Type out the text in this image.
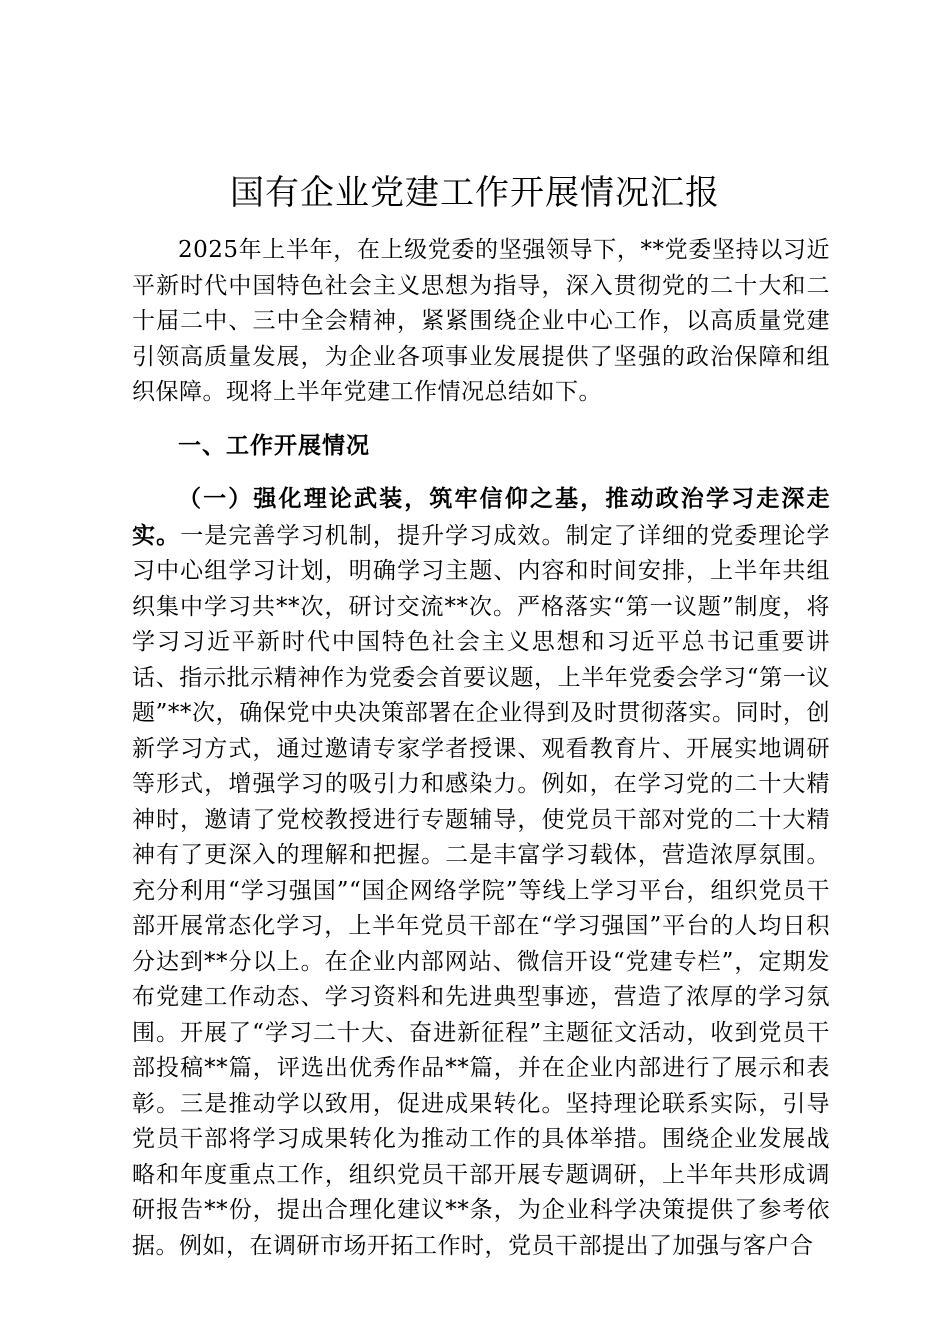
国有企业党建工作开展情况汇报

2025年上半年，在上级党委的坚强领导下，**党委坚持以习近平新时代中国特色社会主义思想为指导，深入贯彻党的二十大和二十届二中、三中全会精神，紧紧围绕企业中心工作，以高质量党建引领高质量发展，为企业各项事业发展提供了坚强的政治保障和组织保障。现将上半年党建工作情况总结如下。

一、工作开展情况

（一）强化理论武装，筑牢信仰之基，推动政治学习走深走实。一是完善学习机制，提升学习成效。制定了详细的党委理论学习中心组学习计划，明确学习主题、内容和时间安排，上半年共组织集中学习共**次，研讨交流**次。严格落实“第一议题”制度，将学习习近平新时代中国特色社会主义思想和习近平总书记重要讲话、指示批示精神作为党委会首要议题，上半年党委会学习“第一议题”**次，确保党中央决策部署在企业得到及时贯彻落实。同时，创新学习方式，通过邀请专家学者授课、观看教育片、开展实地调研等形式，增强学习的吸引力和感染力。例如，在学习党的二十大精神时，邀请了党校教授进行专题辅导，使党员干部对党的二十大精神有了更深入的理解和把握。二是丰富学习载体，营造浓厚氛围。充分利用“学习强国”“国企网络学院”等线上学习平台，组织党员干部开展常态化学习，上半年党员干部在“学习强国”平台的人均日积分达到**分以上。在企业内部网站、微信开设“党建专栏”，定期发布党建工作动态、学习资料和先进典型事迹，营造了浓厚的学习氛围。开展了“学习二十大、奋进新征程”主题征文活动，收到党员干部投稿**篇，评选出优秀作品**篇，并在企业内部进行了展示和表彰。三是推动学以致用，促进成果转化。坚持理论联系实际，引导党员干部将学习成果转化为推动工作的具体举措。围绕企业发展战略和年度重点工作，组织党员干部开展专题调研，上半年共形成调研报告**份，提出合理化建议**条，为企业科学决策提供了参考依据。例如，在调研市场开拓工作时，党员干部提出了加强与客户合
